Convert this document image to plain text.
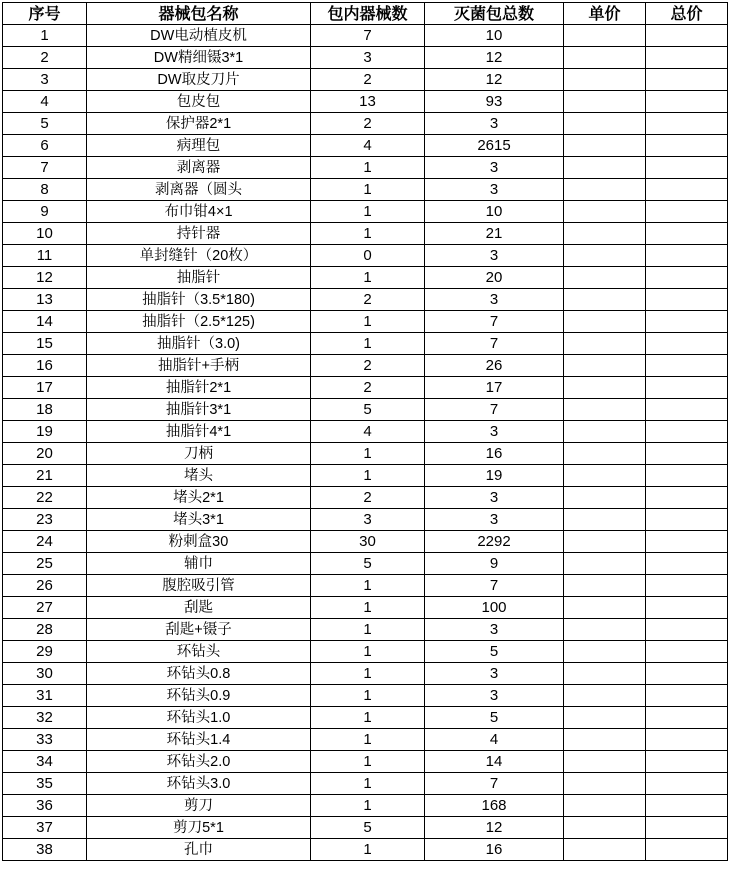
序号	器械包名称	包内器械数	灭菌包总数	单价	总价
1	DW电动植皮机	7	10		
2	DW精细镊3*1	3	12		
3	DW取皮刀片	2	12		
4	包皮包	13	93		
5	保护器2*1	2	3		
6	病理包	4	2615		
7	剥离器	1	3		
8	剥离器（圆头	1	3		
9	布巾钳4×1	1	10		
10	持针器	1	21		
11	单封缝针（20枚）	0	3		
12	抽脂针	1	20		
13	抽脂针（3.5*180)	2	3		
14	抽脂针（2.5*125)	1	7		
15	抽脂针（3.0)	1	7		
16	抽脂针+手柄	2	26		
17	抽脂针2*1	2	17		
18	抽脂针3*1	5	7		
19	抽脂针4*1	4	3		
20	刀柄	1	16		
21	堵头	1	19		
22	堵头2*1	2	3		
23	堵头3*1	3	3		
24	粉刺盒30	30	2292		
25	辅巾	5	9		
26	腹腔吸引管	1	7		
27	刮匙	1	100		
28	刮匙+镊子	1	3		
29	环钻头	1	5		
30	环钻头0.8	1	3		
31	环钻头0.9	1	3		
32	环钻头1.0	1	5		
33	环钻头1.4	1	4		
34	环钻头2.0	1	14		
35	环钻头3.0	1	7		
36	剪刀	1	168		
37	剪刀5*1	5	12		
38	孔巾	1	16		
